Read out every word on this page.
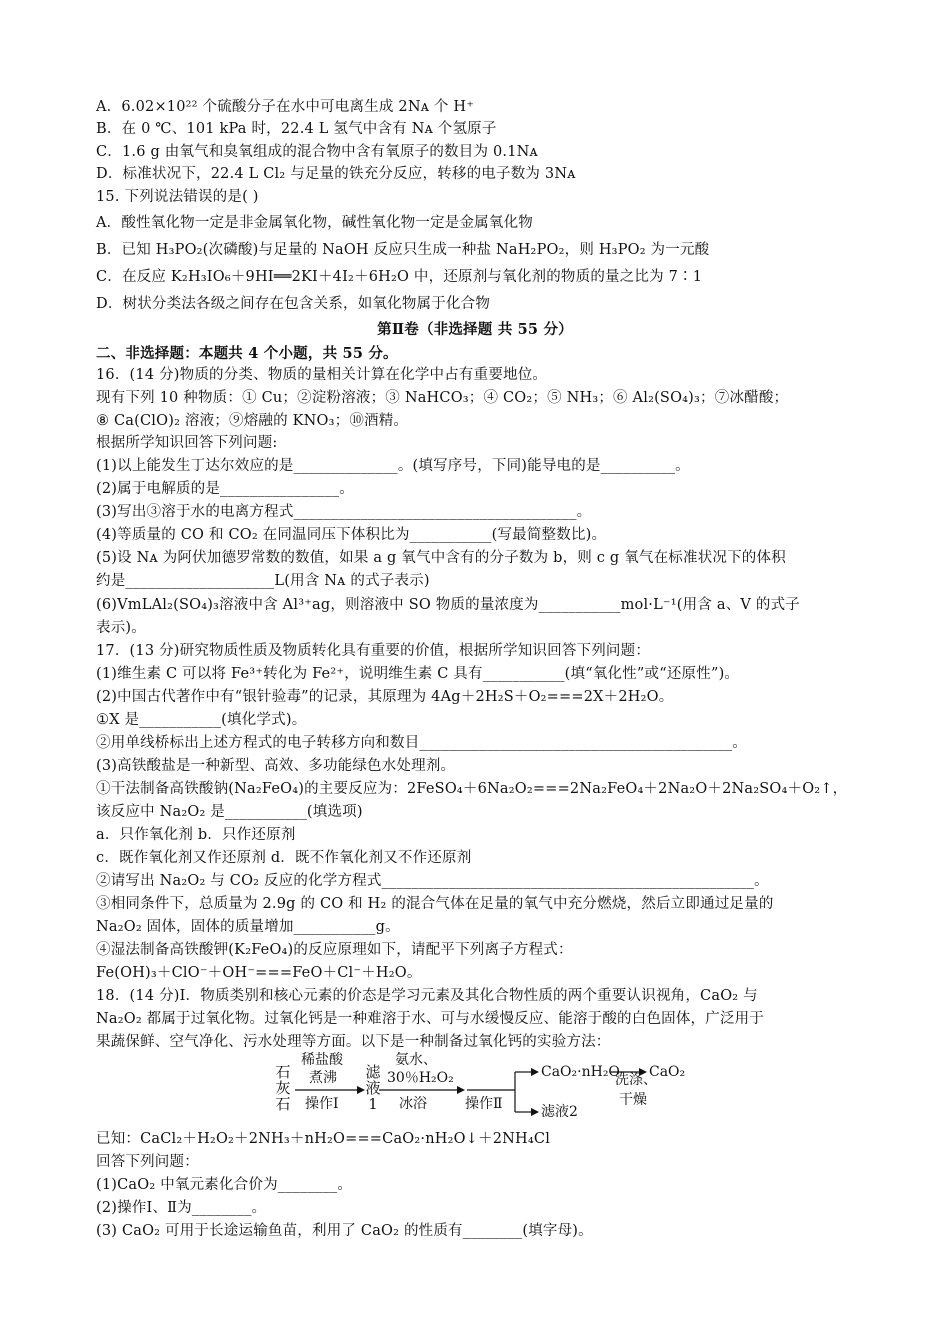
A．6.02×10²² 个硫酸分子在水中可电离生成 2Nᴀ 个 H⁺
B．在 0 ℃、101 kPa 时，22.4 L 氢气中含有 Nᴀ 个氢原子
C．1.6 g 由氧气和臭氧组成的混合物中含有氧原子的数目为 0.1Nᴀ
D．标准状况下，22.4 L Cl₂ 与足量的铁充分反应，转移的电子数为 3Nᴀ
15. 下列说法错误的是( )
A．酸性氧化物一定是非金属氧化物，碱性氧化物一定是金属氧化物
B．已知 H₃PO₂(次磷酸)与足量的 NaOH 反应只生成一种盐 NaH₂PO₂，则 H₃PO₂ 为一元酸
C．在反应 K₂H₃IO₆＋9HI══2KI＋4I₂＋6H₂O 中，还原剂与氧化剂的物质的量之比为 7∶1
D．树状分类法各级之间存在包含关系，如氧化物属于化合物
第Ⅱ卷（非选择题 共 55 分）
二、非选择题：本题共 4 个小题，共 55 分。
16．(14 分)物质的分类、物质的量相关计算在化学中占有重要地位。
现有下列 10 种物质：① Cu；②淀粉溶液；③ NaHCO₃；④ CO₂；⑤ NH₃；⑥ Al₂(SO₄)₃；⑦冰醋酸；
⑧ Ca(ClO)₂ 溶液；⑨熔融的 KNO₃；⑩酒精。
根据所学知识回答下列问题:
(1)以上能发生丁达尔效应的是______________。(填写序号，下同)能导电的是__________。
(2)属于电解质的是________________。
(3)写出③溶于水的电离方程式______________________________________。
(4)等质量的 CO 和 CO₂ 在同温同压下体积比为___________(写最简整数比)。
(5)设 Nᴀ 为阿伏加德罗常数的数值，如果 a g 氧气中含有的分子数为 b，则 c g 氧气在标准状况下的体积
约是____________________L(用含 Nᴀ 的式子表示)
(6)VmLAl₂(SO₄)₃溶液中含 Al³⁺ag，则溶液中 SO 物质的量浓度为___________mol·L⁻¹(用含 a、V 的式子
表示)。
17．(13 分)研究物质性质及物质转化具有重要的价值，根据所学知识回答下列问题：
(1)维生素 C 可以将 Fe³⁺转化为 Fe²⁺，说明维生素 C 具有___________(填“氧化性”或“还原性”)。
(2)中国古代著作中有“银针验毒”的记录，其原理为 4Ag＋2H₂S＋O₂===2X＋2H₂O。
①X 是___________(填化学式)。
②用单线桥标出上述方程式的电子转移方向和数目__________________________________________。
(3)高铁酸盐是一种新型、高效、多功能绿色水处理剂。
①干法制备高铁酸钠(Na₂FeO₄)的主要反应为：2FeSO₄＋6Na₂O₂===2Na₂FeO₄＋2Na₂O＋2Na₂SO₄＋O₂↑，
该反应中 Na₂O₂ 是___________(填选项)
a．只作氧化剂 b．只作还原剂
c．既作氧化剂又作还原剂 d．既不作氧化剂又不作还原剂
②请写出 Na₂O₂ 与 CO₂ 反应的化学方程式__________________________________________________。
③相同条件下，总质量为 2.9g 的 CO 和 H₂ 的混合气体在足量的氧气中充分燃烧，然后立即通过足量的
Na₂O₂ 固体，固体的质量增加___________g。
④湿法制备高铁酸钾(K₂FeO₄)的反应原理如下，请配平下列离子方程式：
Fe(OH)₃＋ClO⁻＋OH⁻===FeO＋Cl⁻＋H₂O。
18．(14 分)Ⅰ．物质类别和核心元素的价态是学习元素及其化合物性质的两个重要认识视角，CaO₂ 与
Na₂O₂ 都属于过氧化物。过氧化钙是一种难溶于水、可与水缓慢反应、能溶于酸的白色固体，广泛用于
果蔬保鲜、空气净化、污水处理等方面。以下是一种制备过氧化钙的实验方法：
石灰石
稀盐酸
煮沸
操作Ⅰ
滤液1
氨水、
30％H₂O₂
冰浴	操作Ⅱ
CaO₂·nH₂O
洗涤、
干燥
CaO₂
滤液2
已知：CaCl₂＋H₂O₂＋2NH₃＋nH₂O===CaO₂·nH₂O↓＋2NH₄Cl
回答下列问题：
(1)CaO₂ 中氧元素化合价为________。
(2)操作Ⅰ、Ⅱ为________。
(3) CaO₂ 可用于长途运输鱼苗，利用了 CaO₂ 的性质有________(填字母)。
